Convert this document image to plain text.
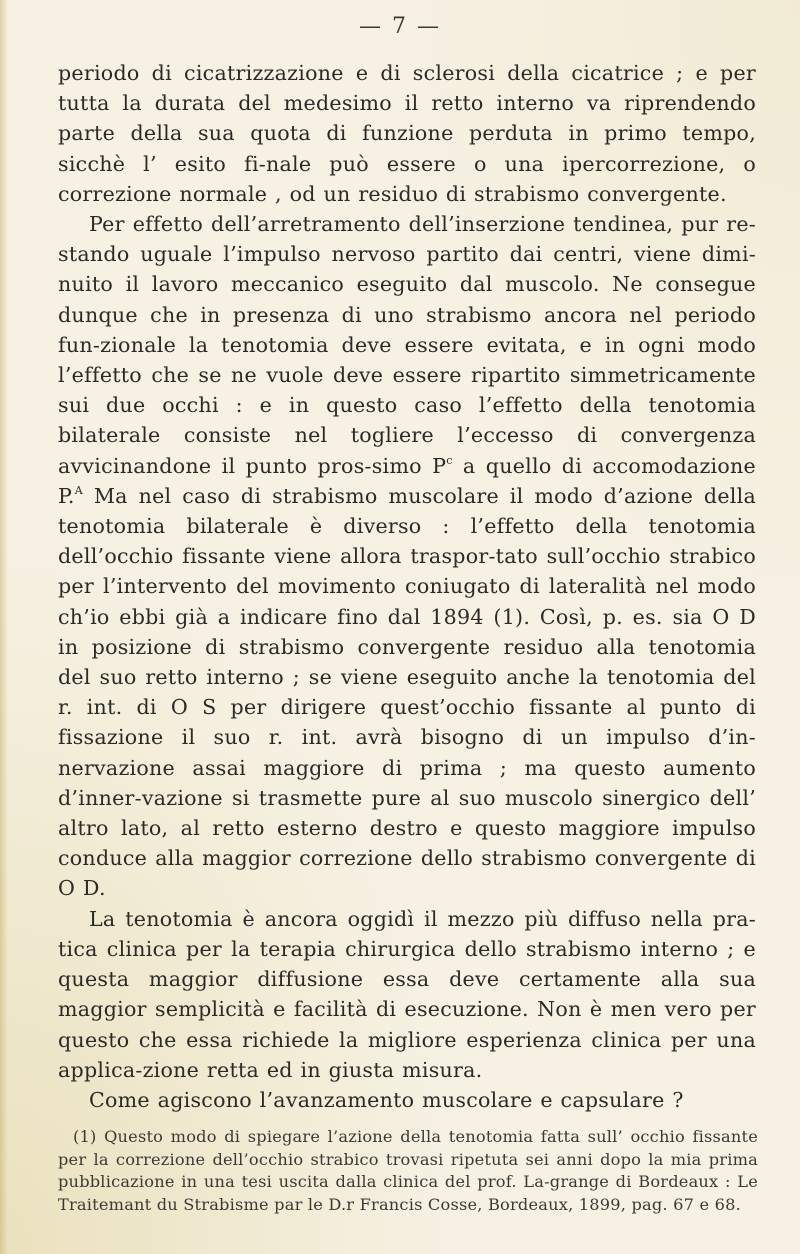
— 7 —

periodo di cicatrizzazione e di sclerosi della cicatrice ; e per tutta la durata del medesimo il retto interno va riprendendo parte della sua quota di funzione perduta in primo tempo, sicchè l’ esito fi-nale può essere o una ipercorrezione, o correzione normale , od un residuo di strabismo convergente.

Per effetto dell’arretramento dell’inserzione tendinea, pur re-stando uguale l’impulso nervoso partito dai centri, viene dimi-nuito il lavoro meccanico eseguito dal muscolo. Ne consegue dunque che in presenza di uno strabismo ancora nel periodo fun-zionale la tenotomia deve essere evitata, e in ogni modo l’effetto che se ne vuole deve essere ripartito simmetricamente sui due occhi : e in questo caso l’effetto della tenotomia bilaterale consiste nel togliere l’eccesso di convergenza avvicinandone il punto pros-simo $P^c$ a quello di accomodazione P.$^A$ Ma nel caso di strabismo muscolare il modo d’azione della tenotomia bilaterale è diverso : l’effetto della tenotomia dell’occhio fissante viene allora traspor-tato sull’occhio strabico per l’intervento del movimento coniugato di lateralità nel modo ch’io ebbi già a indicare fino dal 1894 (1). Così, p. es. sia O D in posizione di strabismo convergente residuo alla tenotomia del suo retto interno ; se viene eseguito anche la tenotomia del r. int. di O S per dirigere quest’occhio fissante al punto di fissazione il suo r. int. avrà bisogno di un impulso d’in-nervazione assai maggiore di prima ; ma questo aumento d’inner-vazione si trasmette pure al suo muscolo sinergico dell’ altro lato, al retto esterno destro e questo maggiore impulso conduce alla maggior correzione dello strabismo convergente di O D.

La tenotomia è ancora oggidì il mezzo più diffuso nella pra-tica clinica per la terapia chirurgica dello strabismo interno ; e questa maggior diffusione essa deve certamente alla sua maggior semplicità e facilità di esecuzione. Non è men vero per questo che essa richiede la migliore esperienza clinica per una applica-zione retta ed in giusta misura.

Come agiscono l’avanzamento muscolare e capsulare ?

(1) Questo modo di spiegare l’azione della tenotomia fatta sull’ occhio fissante per la correzione dell’occhio strabico trovasi ripetuta sei anni dopo la mia prima pubblicazione in una tesi uscita dalla clinica del prof. La-grange di Bordeaux : Le Traitemant du Strabisme par le D.r Francis Cosse, Bordeaux, 1899, pag. 67 e 68.
